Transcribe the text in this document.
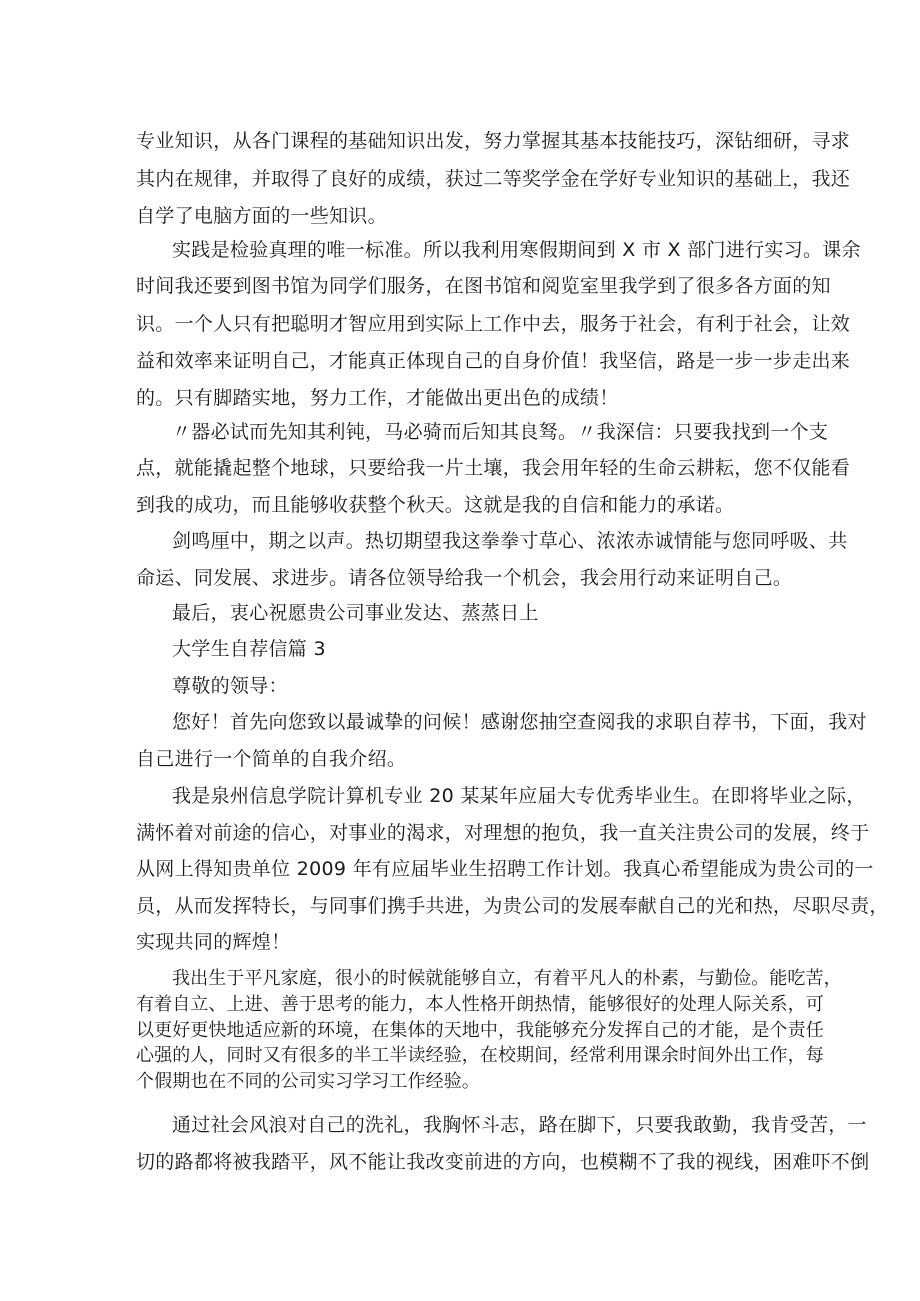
专业知识，从各门课程的基础知识出发，努力掌握其基本技能技巧，深钻细研，寻求
其内在规律，并取得了良好的成绩，获过二等奖学金在学好专业知识的基础上，我还
自学了电脑方面的一些知识。
实践是检验真理的唯一标准。所以我利用寒假期间到 X 市 X 部门进行实习。课余
时间我还要到图书馆为同学们服务，在图书馆和阅览室里我学到了很多各方面的知
识。一个人只有把聪明才智应用到实际上工作中去，服务于社会，有利于社会，让效
益和效率来证明自己，才能真正体现自己的自身价值！我坚信，路是一步一步走出来
的。只有脚踏实地，努力工作，才能做出更出色的成绩！
〃器必试而先知其利钝，马必骑而后知其良驽。〃我深信：只要我找到一个支
点，就能撬起整个地球，只要给我一片土壤，我会用年轻的生命云耕耘，您不仅能看
到我的成功，而且能够收获整个秋天。这就是我的自信和能力的承诺。
剑鸣厘中，期之以声。热切期望我这拳拳寸草心、浓浓赤诚情能与您同呼吸、共
命运、同发展、求进步。请各位领导给我一个机会，我会用行动来证明自己。
最后，衷心祝愿贵公司事业发达、蒸蒸日上
大学生自荐信篇 3
尊敬的领导：
您好！首先向您致以最诚挚的问候！感谢您抽空查阅我的求职自荐书，下面，我对
自己进行一个简单的自我介绍。
我是泉州信息学院计算机专业 20 某某年应届大专优秀毕业生。在即将毕业之际，
满怀着对前途的信心，对事业的渴求，对理想的抱负，我一直关注贵公司的发展，终于
从网上得知贵单位 2009 年有应届毕业生招聘工作计划。我真心希望能成为贵公司的一
员，从而发挥特长，与同事们携手共进，为贵公司的发展奉献自己的光和热，尽职尽责，
实现共同的辉煌！
我出生于平凡家庭，很小的时候就能够自立，有着平凡人的朴素，与勤俭。能吃苦，
有着自立、上进、善于思考的能力，本人性格开朗热情，能够很好的处理人际关系，可
以更好更快地适应新的环境，在集体的天地中，我能够充分发挥自己的才能，是个责任
心强的人，同时又有很多的半工半读经验，在校期间，经常利用课余时间外出工作，每
个假期也在不同的公司实习学习工作经验。
通过社会风浪对自己的洗礼，我胸怀斗志，路在脚下，只要我敢勤，我肯受苦，一
切的路都将被我踏平，风不能让我改变前进的方向，也模糊不了我的视线，困难吓不倒
